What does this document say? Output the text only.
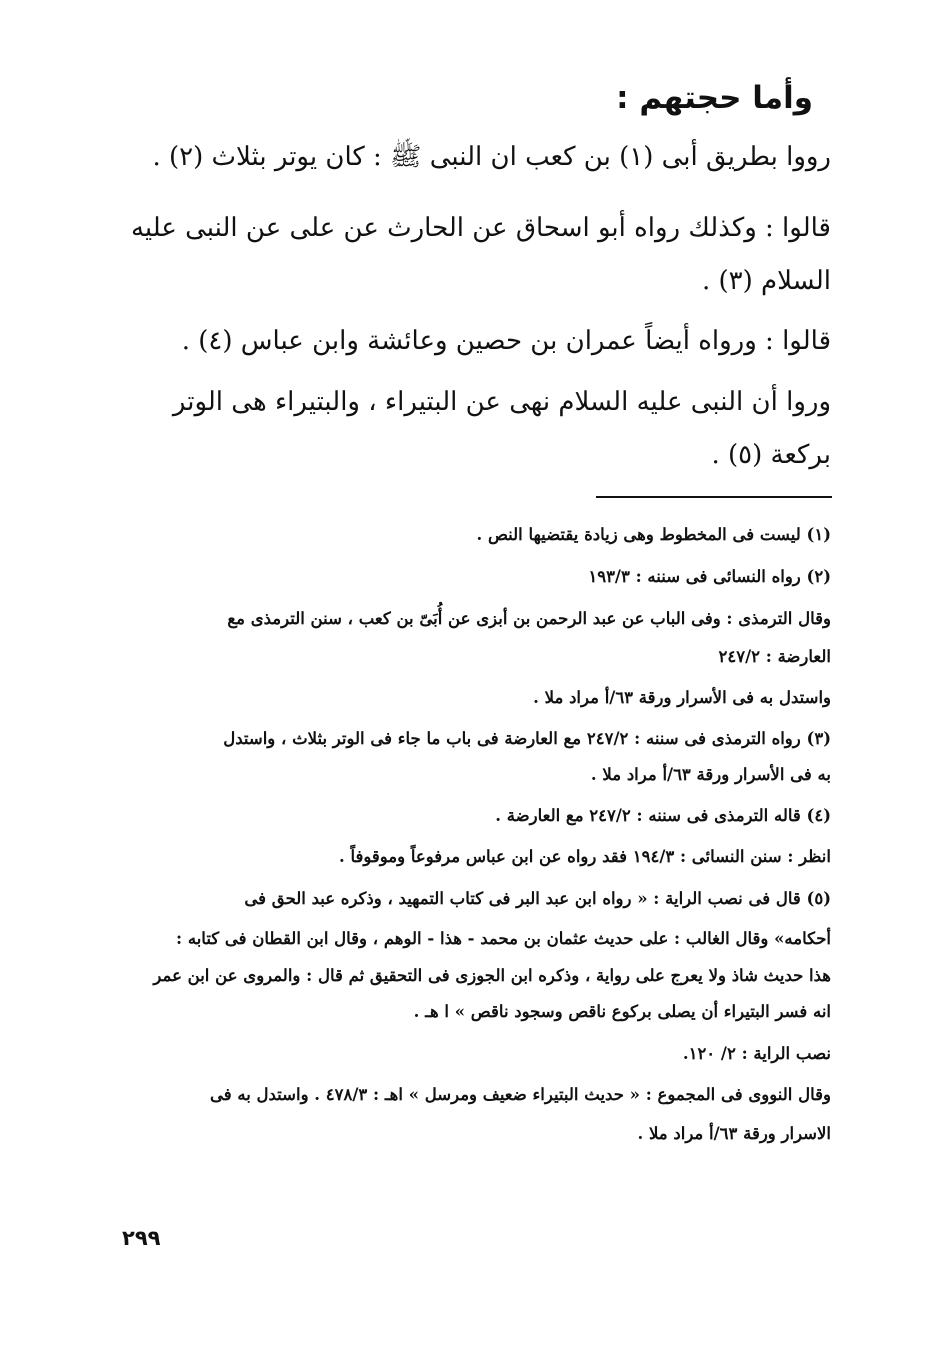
وأما حجتهم :
رووا بطريق أبى (١) بن كعب ان النبى ﷺ : كان يوتر بثلاث (٢) .
قالوا : وكذلك رواه أبو اسحاق عن الحارث عن على عن النبى عليه
السلام (٣) .
قالوا : ورواه أيضاً عمران بن حصين وعائشة وابن عباس (٤) .
وروا أن النبى عليه السلام نهى عن البتيراء ، والبتيراء هى الوتر
بركعة (٥) .
(١) ليست فى المخطوط وهى زيادة يقتضيها النص .
(٢) رواه النسائى فى سننه : ١٩٣/٣
وقال الترمذى : وفى الباب عن عبد الرحمن بن أبزى عن أُبَىّ بن كعب ، سنن الترمذى مع
العارضة : ٢٤٧/٢
واستدل به فى الأسرار ورقة ٦٣/أ مراد ملا .
(٣) رواه الترمذى فى سننه : ٢٤٧/٢ مع العارضة فى باب ما جاء فى الوتر بثلاث ، واستدل
به فى الأسرار ورقة ٦٣/أ مراد ملا .
(٤) قاله الترمذى فى سننه : ٢٤٧/٢ مع العارضة .
انظر : سنن النسائى : ١٩٤/٣ فقد رواه عن ابن عباس مرفوعاً وموقوفاً .
(٥) قال فى نصب الراية : « رواه ابن عبد البر فى كتاب التمهيد ، وذكره عبد الحق فى
أحكامه» وقال الغالب : على حديث عثمان بن محمد - هذا - الوهم ، وقال ابن القطان فى كتابه :
هذا حديث شاذ ولا يعرج على رواية ، وذكره ابن الجوزى فى التحقيق ثم قال : والمروى عن ابن عمر
انه فسر البتيراء أن يصلى بركوع ناقص وسجود ناقص » ا هـ .
نصب الراية : ٢/ ١٢٠.
وقال النووى فى المجموع : « حديث البتيراء ضعيف ومرسل » اهـ : ٤٧٨/٣ . واستدل به فى
الاسرار ورقة ٦٣/أ مراد ملا .
٢٩٩
